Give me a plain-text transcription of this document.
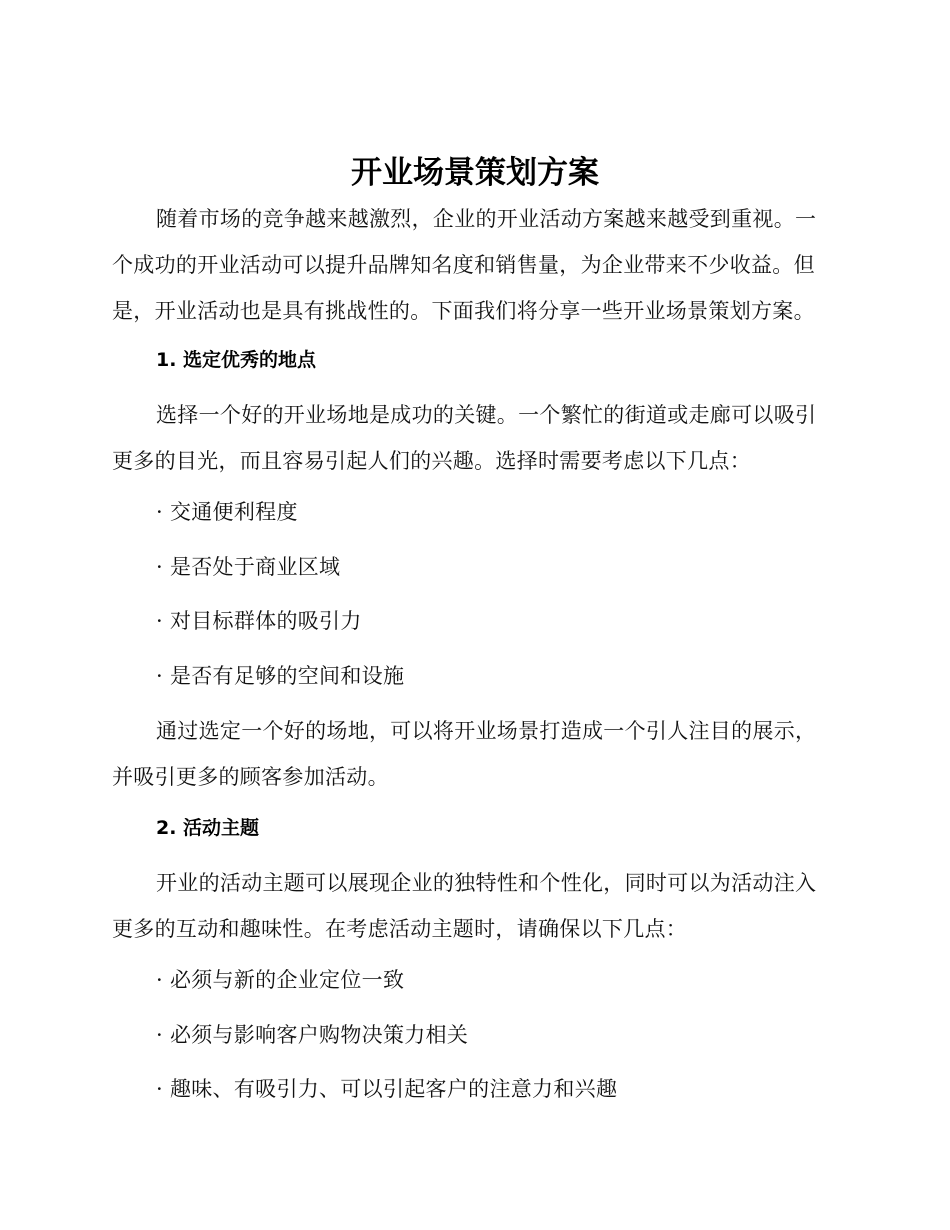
开业场景策划方案

随着市场的竞争越来越激烈，企业的开业活动方案越来越受到重视。一个成功的开业活动可以提升品牌知名度和销售量，为企业带来不少收益。但是，开业活动也是具有挑战性的。下面我们将分享一些开业场景策划方案。

1. 选定优秀的地点

选择一个好的开业场地是成功的关键。一个繁忙的街道或走廊可以吸引更多的目光，而且容易引起人们的兴趣。选择时需要考虑以下几点：

· 交通便利程度

· 是否处于商业区域

· 对目标群体的吸引力

· 是否有足够的空间和设施

通过选定一个好的场地，可以将开业场景打造成一个引人注目的展示，并吸引更多的顾客参加活动。

2. 活动主题

开业的活动主题可以展现企业的独特性和个性化，同时可以为活动注入更多的互动和趣味性。在考虑活动主题时，请确保以下几点：

· 必须与新的企业定位一致

· 必须与影响客户购物决策力相关

· 趣味、有吸引力、可以引起客户的注意力和兴趣
